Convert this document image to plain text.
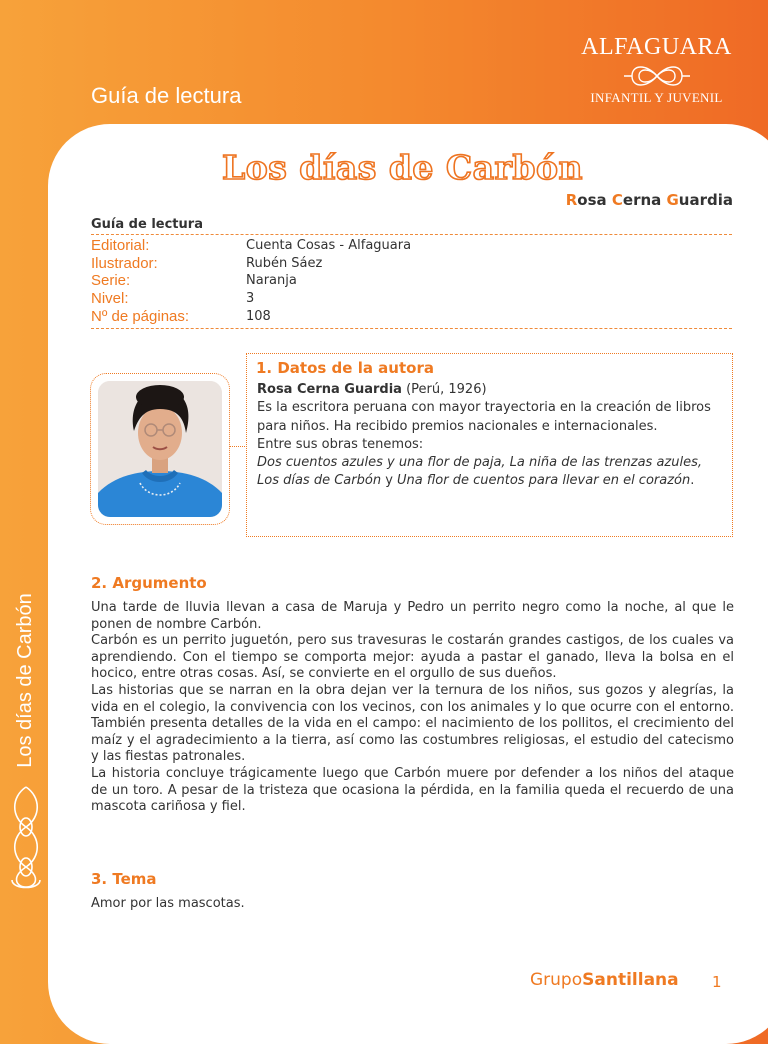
Guía de lectura
ALFAGUARA
INFANTIL Y JUVENIL
Los días de Carbón
Los días de Carbón
Rosa Cerna Guardia
Guía de lectura
Editorial:	Cuenta Cosas - Alfaguara
Ilustrador:	Rubén Sáez
Serie:	Naranja
Nivel:	3
Nº de páginas:	108
1. Datos de la autora
Rosa Cerna Guardia (Perú, 1926)
Es la escritora peruana con mayor trayectoria en la creación de libros para niños. Ha recibido premios nacionales e internacionales.
Entre sus obras tenemos:
Dos cuentos azules y una flor de paja, La niña de las trenzas azules, Los días de Carbón y Una flor de cuentos para llevar en el corazón.
2. Argumento
Una tarde de lluvia llevan a casa de Maruja y Pedro un perrito negro como la noche, al que le ponen de nombre Carbón.
Carbón es un perrito juguetón, pero sus travesuras le costarán grandes castigos, de los cuales va aprendiendo. Con el tiempo se comporta mejor: ayuda a pastar el ganado, lleva la bolsa en el hocico, entre otras cosas. Así, se convierte en el orgullo de sus dueños.
Las historias que se narran en la obra dejan ver la ternura de los niños, sus gozos y alegrías, la vida en el colegio, la convivencia con los vecinos, con los animales y lo que ocurre con el entorno. También presenta detalles de la vida en el campo: el nacimiento de los pollitos, el crecimiento del maíz y el agradecimiento a la tierra, así como las costumbres religiosas, el estudio del catecismo y las fiestas patronales.
La historia concluye trágicamente luego que Carbón muere por defender a los niños del ataque de un toro. A pesar de la tristeza que ocasiona la pérdida, en la familia queda el recuerdo de una mascota cariñosa y fiel.
3. Tema
Amor por las mascotas.
GrupoSantillana 1
